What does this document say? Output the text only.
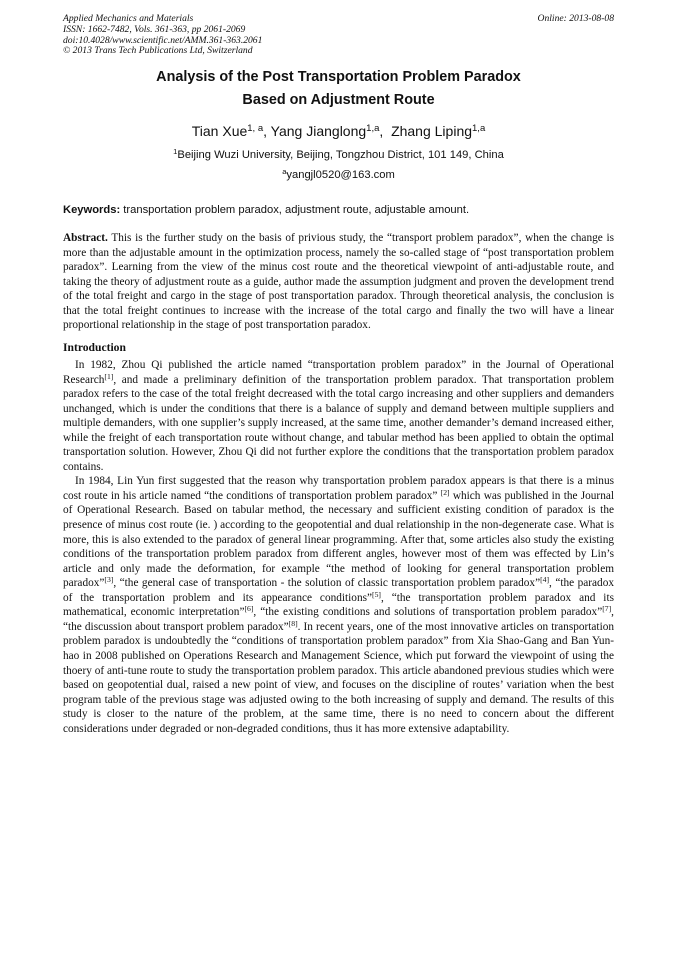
Applied Mechanics and Materials
ISSN: 1662-7482, Vols. 361-363, pp 2061-2069
doi:10.4028/www.scientific.net/AMM.361-363.2061
© 2013 Trans Tech Publications Ltd, Switzerland
Online: 2013-08-08
Analysis of the Post Transportation Problem Paradox
Based on Adjustment Route
Tian Xue$^{1, a}$, Yang Jianglong$^{1,a}$,  Zhang Liping$^{1,a}$
$^1$Beijing Wuzi University, Beijing, Tongzhou District, 101 149, China
$^a$yangjl0520@163.com
Keywords: transportation problem paradox, adjustment route, adjustable amount.
Abstract. This is the further study on the basis of privious study, the “transport problem paradox”, when the change is more than the adjustable amount in the optimization process, namely the so-called stage of “post transportation problem paradox”. Learning from the view of the minus cost route and the theoretical viewpoint of anti-adjustable route, and taking the theory of adjustment route as a guide, author made the assumption judgment and proven the development trend of the total freight and cargo in the stage of post transportation paradox. Through theoretical analysis, the conclusion is that the total freight continues to increase with the increase of the total cargo and finally the two will have a linear proportional relationship in the stage of post transportation paradox.
Introduction
In 1982, Zhou Qi published the article named “transportation problem paradox” in the Journal of Operational Research[1], and made a preliminary definition of the transportation problem paradox. That transportation problem paradox refers to the case of the total freight decreased with the total cargo increasing and other suppliers and demanders unchanged, which is under the conditions that there is a balance of supply and demand between multiple suppliers and multiple demanders, with one supplier’s supply increased, at the same time, another demander’s demand increased either, while the freight of each transportation route without change, and tabular method has been applied to obtain the optimal transportation solution. However, Zhou Qi did not further explore the conditions that the transportation problem paradox contains.
In 1984, Lin Yun first suggested that the reason why transportation problem paradox appears is that there is a minus cost route in his article named “the conditions of transportation problem paradox” [2] which was published in the Journal of Operational Research. Based on tabular method, the necessary and sufficient existing condition of paradox is the presence of minus cost route (ie. ) according to the geopotential and dual relationship in the non-degenerate case. What is more, this is also extended to the paradox of general linear programming. After that, some articles also study the existing conditions of the transportation problem paradox from different angles, however most of them was effected by Lin’s article and only made the deformation, for example “the method of looking for general transportation problem paradox”[3], “the general case of transportation - the solution of classic transportation problem paradox”[4], “the paradox of the transportation problem and its appearance conditions”[5], “the transportation problem paradox and its mathematical, economic interpretation”[6], “the existing conditions and solutions of transportation problem paradox”[7], “the discussion about transport problem paradox”[8]. In recent years, one of the most innovative articles on transportation problem paradox is undoubtedly the “conditions of transportation problem paradox” from Xia Shao-Gang and Ban Yun-hao in 2008 published on Operations Research and Management Science, which put forward the viewpoint of using the thoery of anti-tune route to study the transportation problem paradox. This article abandoned previous studies which were based on geopotential dual, raised a new point of view, and focuses on the discipline of routes’ variation when the best program table of the previous stage was adjusted owing to the both increasing of supply and demand. The results of this study is closer to the nature of the problem, at the same time, there is no need to concern about the different considerations under degraded or non-degraded conditions, thus it has more extensive adaptability.
